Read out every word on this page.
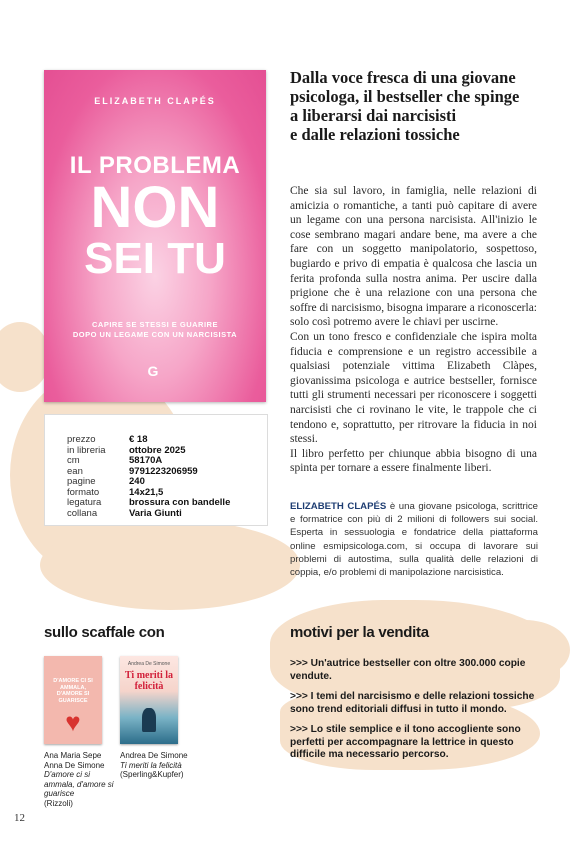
ELIZABETH CLAPÉS
IL PROBLEMA
NON
SEI TU
CAPIRE SE STESSI E GUARIRE
DOPO UN LEGAME CON UN NARCISISTA
G
prezzo	€ 18
in libreria	ottobre 2025
cm	58170A
ean	9791223206959
pagine	240
formato	14x21,5
legatura	brossura con bandelle
collana	Varia Giunti
Dalla voce fresca di una giovane
psicologa, il bestseller che spinge
a liberarsi dai narcisisti
e dalle relazioni tossiche

Che sia sul lavoro, in famiglia, nelle relazioni di amicizia o romantiche, a tanti può capitare di avere un legame con una persona narcisista. All'inizio le cose sembrano magari andare bene, ma avere a che fare con un soggetto manipolatorio, sospettoso, bugiardo e privo di empatia è qualcosa che lascia un ferita profonda sulla nostra anima. Per uscire dalla prigione che è una relazione con una persona che soffre di narcisismo, bisogna imparare a riconoscerla: solo così potremo avere le chiavi per uscirne.

Con un tono fresco e confidenziale che ispira molta fiducia e comprensione e un registro accessibile a qualsiasi potenziale vittima Elizabeth Clàpes, giovanissima psicologa e autrice bestseller, fornisce tutti gli strumenti necessari per riconoscere i soggetti narcisisti che ci rovinano le vite, le trappole che ci tendono e, soprattutto, per ritrovare la fiducia in noi stessi.

Il libro perfetto per chiunque abbia bisogno di una spinta per tornare a essere finalmente liberi.

ELIZABETH CLAPÉS è una giovane psicologa, scrittrice e formatrice con più di 2 milioni di followers sui social. Esperta in sessuologia e fondatrice della piattaforma online esmipsicologa.com, si occupa di lavorare sui problemi di autostima, sulla qualità delle relazioni di coppia, e/o problemi di manipolazione narcisistica.
sullo scaffale con
D'AMORE CI SI AMMALA, D'AMORE SI GUARISCE
♥
Ana Maria Sepe
Anna De Simone
D'amore ci si ammala, d'amore si guarisce
(Rizzoli)
Andrea De Simone
Ti meriti la felicità
Andrea De Simone
Ti meriti la felicità
(Sperling&Kupfer)
motivi per la vendita
>>> Un'autrice bestseller con oltre 300.000 copie vendute.
>>> I temi del narcisismo e delle relazioni tossiche sono trend editoriali diffusi in tutto il mondo.
>>> Lo stile semplice e il tono accogliente sono perfetti per accompagnare la lettrice in questo difficile ma necessario percorso.
12
